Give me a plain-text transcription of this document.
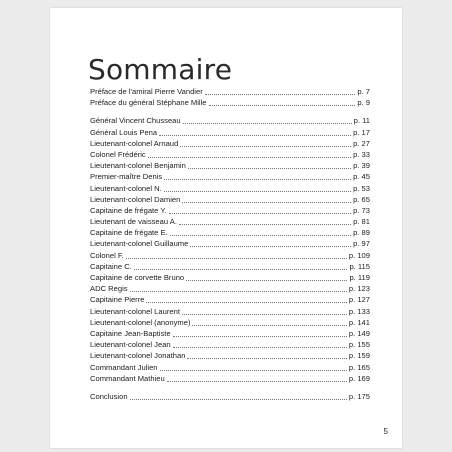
Sommaire
Préface de l'amiral Pierre Vandier	p. 7
Préface du général Stéphane Mille	p. 9
Général Vincent Chusseau	p. 11
Général Louis Pena	p. 17
Lieutenant-colonel Arnaud	p. 27
Colonel Frédéric	p. 33
Lieutenant-colonel Benjamin	p. 39
Premier-maître Denis	p. 45
Lieutenant-colonel N.	p. 53
Lieutenant-colonel Damien	p. 65
Capitaine de frégate Y.	p. 73
Lieutenant de vaisseau A.	p. 81
Capitaine de frégate E.	p. 89
Lieutenant-colonel Guillaume	p. 97
Colonel F.	p. 109
Capitaine C.	p. 115
Capitaine de corvette Bruno	p. 119
ADC Regis	p. 123
Capitaine Pierre	p. 127
Lieutenant-colonel Laurent	p. 133
Lieutenant-colonel (anonyme)	p. 141
Capitaine Jean-Baptiste	p. 149
Lieutenant-colonel Jean	p. 155
Lieutenant-colonel Jonathan	p. 159
Commandant Julien	p. 165
Commandant Mathieu	p. 169
Conclusion	p. 175
5
